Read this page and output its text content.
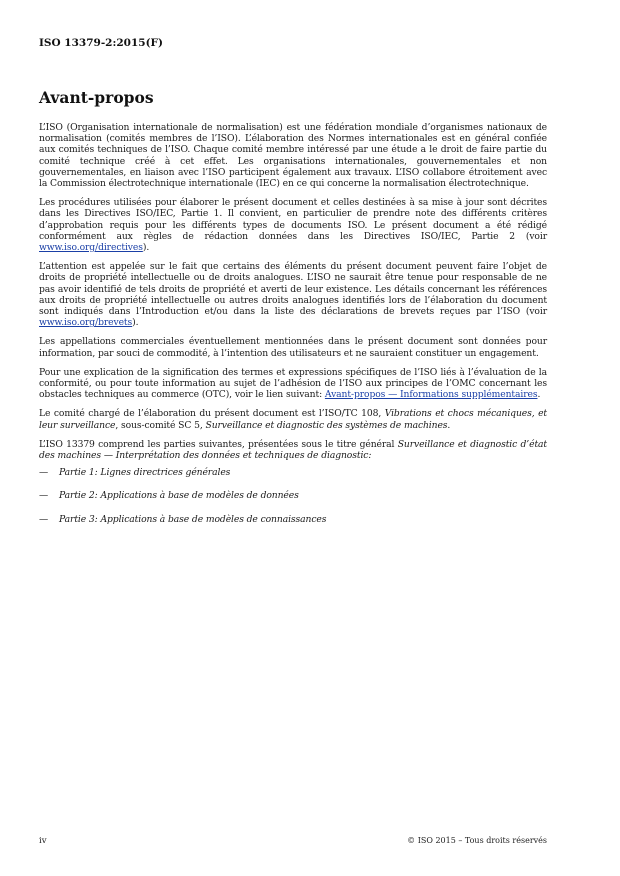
ISO 13379-2:2015(F)
Avant-propos

L’ISO (Organisation internationale de normalisation) est une fédération mondiale d’organismes nationaux de normalisation (comités membres de l’ISO). L’élaboration des Normes internationales est en général confiée aux comités techniques de l’ISO. Chaque comité membre intéressé par une étude a le droit de faire partie du comité technique créé à cet effet. Les organisations internationales, gouvernementales et non gouvernementales, en liaison avec l’ISO participent également aux travaux. L’ISO collabore étroitement avec la Commission électrotechnique internationale (IEC) en ce qui concerne la normalisation électrotechnique.

Les procédures utilisées pour élaborer le présent document et celles destinées à sa mise à jour sont décrites dans les Directives ISO/IEC, Partie 1. Il convient, en particulier de prendre note des différents critères d’approbation requis pour les différents types de documents ISO. Le présent document a été rédigé conformément aux règles de rédaction données dans les Directives ISO/IEC, Partie 2 (voir www.iso.org/directives).

L’attention est appelée sur le fait que certains des éléments du présent document peuvent faire l’objet de droits de propriété intellectuelle ou de droits analogues. L’ISO ne saurait être tenue pour responsable de ne pas avoir identifié de tels droits de propriété et averti de leur existence. Les détails concernant les références aux droits de propriété intellectuelle ou autres droits analogues identifiés lors de l’élaboration du document sont indiqués dans l’Introduction et/ou dans la liste des déclarations de brevets reçues par l’ISO (voir www.iso.org/brevets).

Les appellations commerciales éventuellement mentionnées dans le présent document sont données pour information, par souci de commodité, à l’intention des utilisateurs et ne sauraient constituer un engagement.

Pour une explication de la signification des termes et expressions spécifiques de l’ISO liés à l’évaluation de la conformité, ou pour toute information au sujet de l’adhésion de l’ISO aux principes de l’OMC concernant les obstacles techniques au commerce (OTC), voir le lien suivant: Avant-propos — Informations supplémentaires.

Le comité chargé de l’élaboration du présent document est l’ISO/TC 108, Vibrations et chocs mécaniques, et leur surveillance, sous-comité SC 5, Surveillance et diagnostic des systèmes de machines.

L’ISO 13379 comprend les parties suivantes, présentées sous le titre général Surveillance et diagnostic d’état des machines — Interprétation des données et techniques de diagnostic:

—	Partie 1: Lignes directrices générales
—	Partie 2: Applications à base de modèles de données
—	Partie 3: Applications à base de modèles de connaissances
iv	© ISO 2015 – Tous droits réservés
